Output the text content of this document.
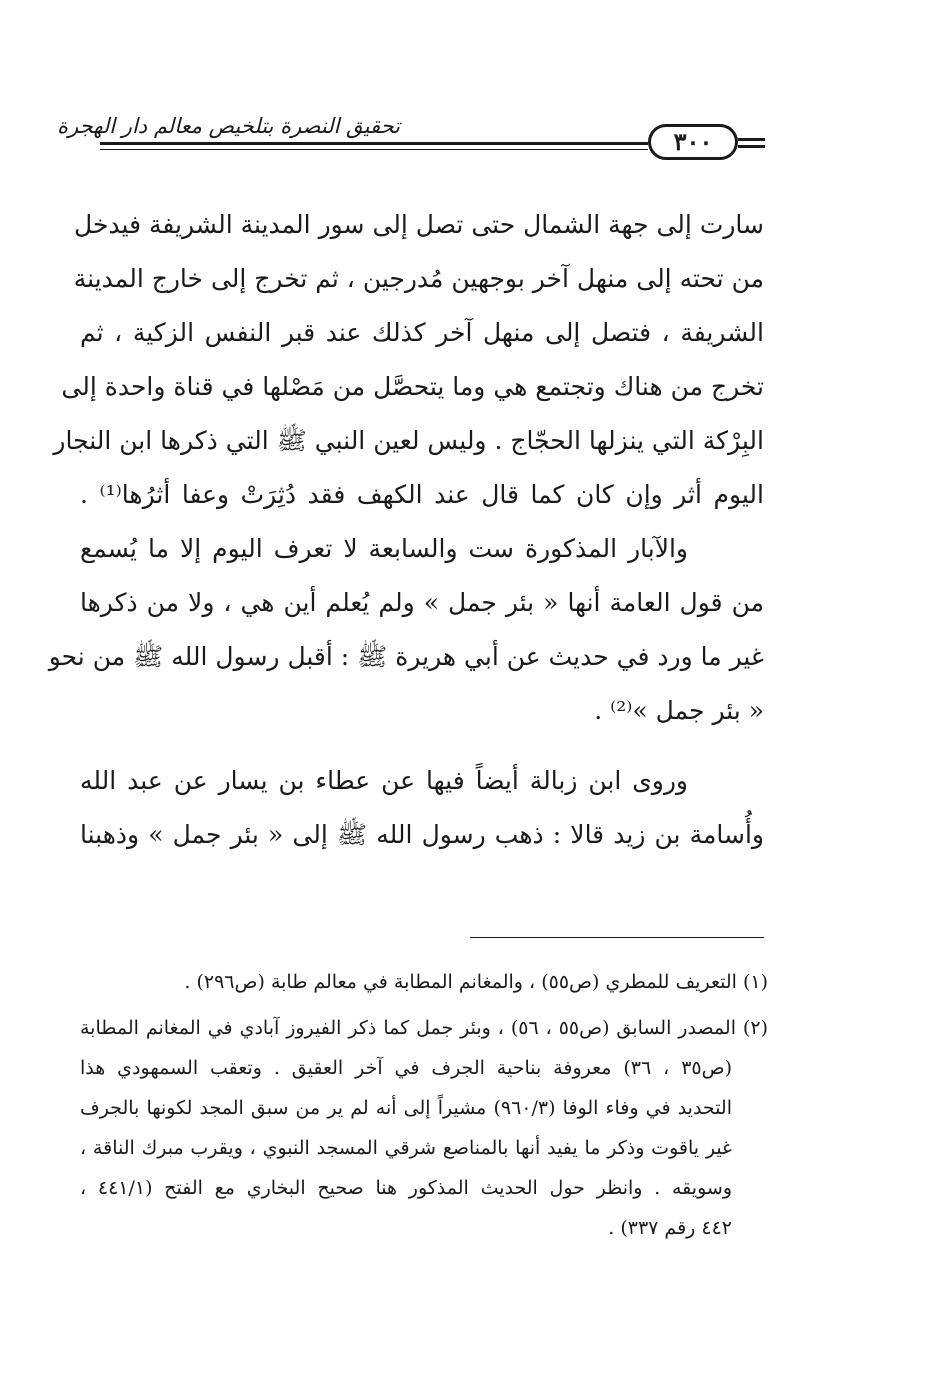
تحقيق النصرة بتلخيص معالم دار الهجرة
٣٠٠
سارت إلى جهة الشمال حتى تصل إلى سور المدينة الشريفة فيدخل
من تحته إلى منهل آخر بوجهين مُدرجين ، ثم تخرج إلى خارج المدينة
الشريفة ، فتصل إلى منهل آخر كذلك عند قبر النفس الزكية ، ثم
تخرج من هناك وتجتمع هي وما يتحصَّل من مَصْلها في قناة واحدة إلى
البِرْكة التي ينزلها الحجّاج . وليس لعين النبي ﷺ التي ذكرها ابن النجار
اليوم أثر وإن كان كما قال عند الكهف فقد دُثِرَتْ وعفا أثرُها⁽¹⁾ .
والآبار المذكورة ست والسابعة لا تعرف اليوم إلا ما يُسمع
من قول العامة أنها « بئر جمل » ولم يُعلم أين هي ، ولا من ذكرها
غير ما ورد في حديث عن أبي هريرة ﷺ : أقبل رسول الله ﷺ من نحو
« بئر جمل »⁽²⁾ .
وروى ابن زبالة أيضاً فيها عن عطاء بن يسار عن عبد الله
وأُسامة بن زيد قالا : ذهب رسول الله ﷺ إلى « بئر جمل » وذهبنا
(١) التعريف للمطري (ص٥٥) ، والمغانم المطابة في معالم طابة (ص٢٩٦) .
(٢) المصدر السابق (ص٥٥ ، ٥٦) ، وبئر جمل كما ذكر الفيروز آبادي في المغانم المطابة
(ص٣٥ ، ٣٦) معروفة بناحية الجرف في آخر العقيق . وتعقب السمهودي هذا
التحديد في وفاء الوفا (٩٦٠/٣) مشيراً إلى أنه لم ير من سبق المجد لكونها بالجرف
غير ياقوت وذكر ما يفيد أنها بالمناصع شرقي المسجد النبوي ، ويقرب مبرك الناقة ،
وسويقه . وانظر حول الحديث المذكور هنا صحيح البخاري مع الفتح (٤٤١/١ ،
٤٤٢ رقم ٣٣٧) .
